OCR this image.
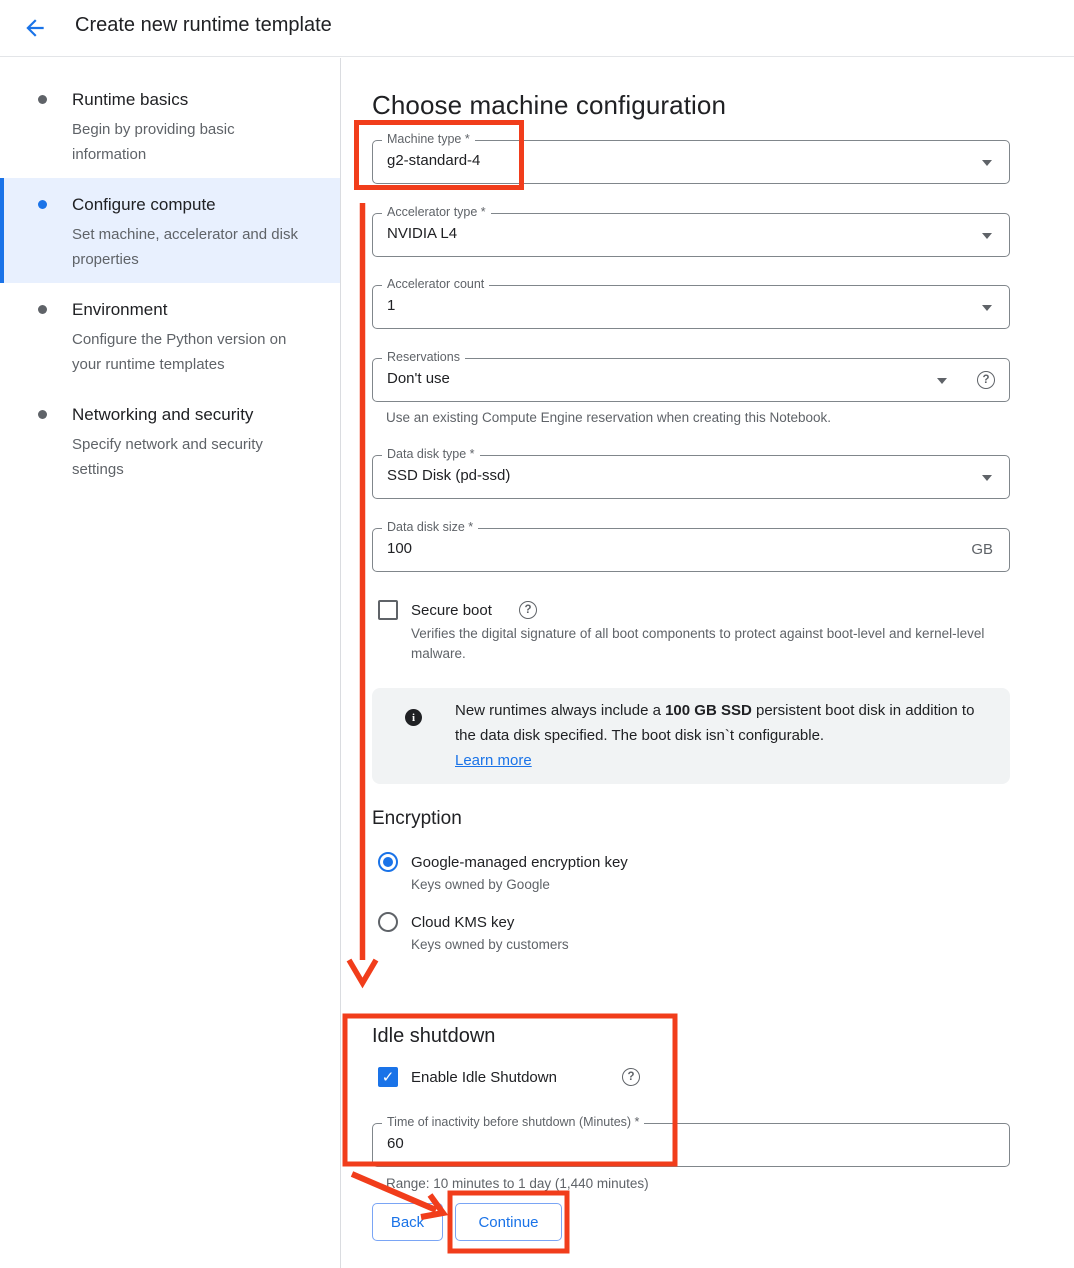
Create new runtime template
Runtime basics
Begin by providing basic information
Configure compute
Set machine, accelerator and disk properties
Environment
Configure the Python version on your runtime templates
Networking and security
Specify network and security settings
Choose machine configuration
Machine type *
g2-standard-4
Accelerator type *
NVIDIA L4
Accelerator count
1
Reservations
Don't use	?
Use an existing Compute Engine reservation when creating this Notebook.
Data disk type *
SSD Disk (pd-ssd)
Data disk size *
100	GB
Secure boot	?
Verifies the digital signature of all boot components to protect against boot-level and kernel-level malware.
i	New runtimes always include a 100 GB SSD persistent boot disk in addition to the data disk specified. The boot disk isn`t configurable.
Learn more
Encryption
Google-managed encryption key
Keys owned by Google
Cloud KMS key
Keys owned by customers
Idle shutdown
✓ Enable Idle Shutdown	?
Time of inactivity before shutdown (Minutes) *
60
Range: 10 minutes to 1 day (1,440 minutes)
Back	Continue
